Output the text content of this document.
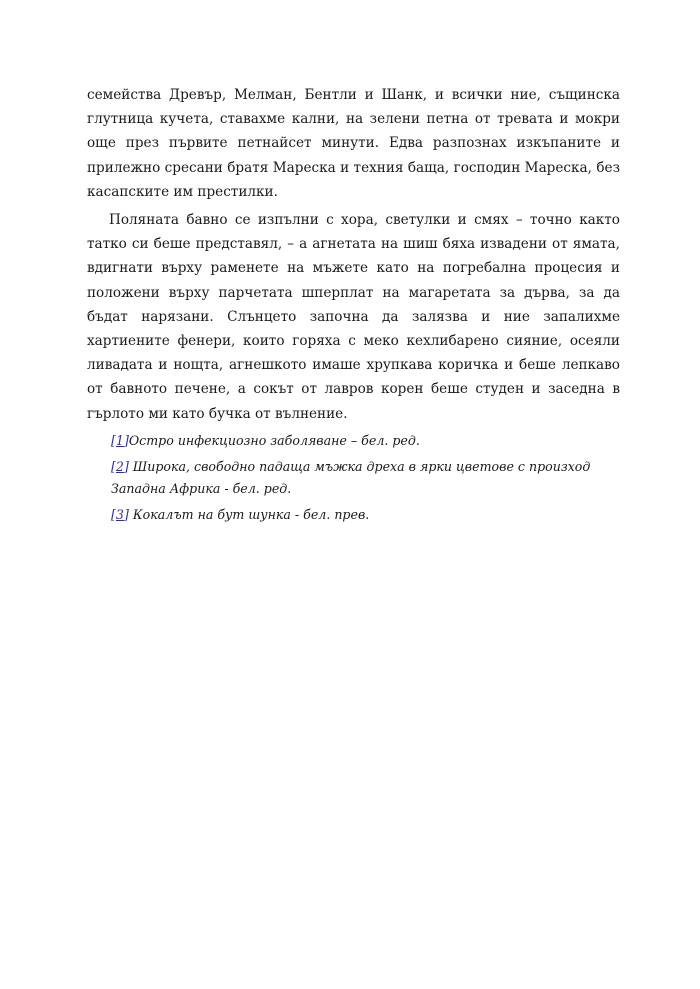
семейства Древър, Мелман, Бентли и Шанк, и всички ние, същинска глутница кучета, ставахме кални, на зелени петна от тревата и мокри още през първите петнайсет минути. Едва разпознах изкъпаните и прилежно сресани братя Мареска и техния баща, господин Мареска, без касапските им престилки.

Поляната бавно се изпълни с хора, светулки и смях – точно както татко си беше представял, – а агнетата на шиш бяха извадени от ямата, вдигнати върху раменете на мъжете като на погребална процесия и положени върху парчетата шперплат на магаретата за дърва, за да бъдат нарязани. Слънцето започна да залязва и ние запалихме хартиените фенери, които горяха с меко кехлибарено сияние, осеяли ливадата и нощта, агнешкото имаше хрупкава коричка и беше лепкаво от бавното печене, а сокът от лавров корен беше студен и заседна в гърлото ми като бучка от вълнение.

[1]Остро инфекциозно заболяване – бел. ред.

[2] Широка, свободно падаща мъжка дреха в ярки цветове с произход Западна Африка - бел. ред.

[3] Кокалът на бут шунка - бел. прев.
